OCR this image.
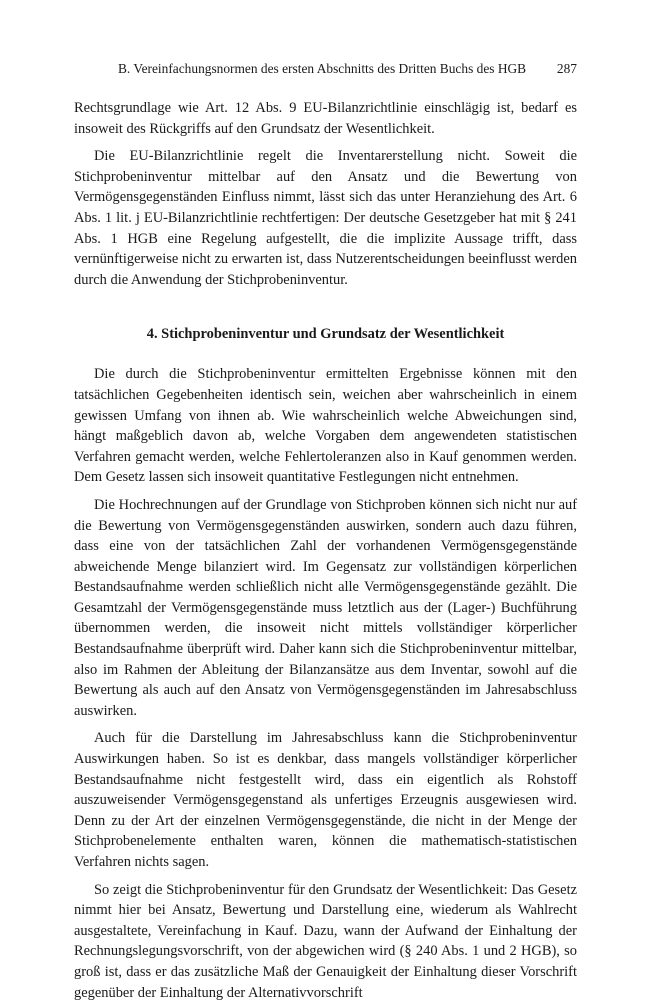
B. Vereinfachungsnormen des ersten Abschnitts des Dritten Buchs des HGB 287

Rechtsgrundlage wie Art. 12 Abs. 9 EU-Bilanzrichtlinie einschlägig ist, bedarf es insoweit des Rückgriffs auf den Grundsatz der Wesentlichkeit.

Die EU-Bilanzrichtlinie regelt die Inventarerstellung nicht. Soweit die Stichprobeninventur mittelbar auf den Ansatz und die Bewertung von Vermögensgegenständen Einfluss nimmt, lässt sich das unter Heranziehung des Art. 6 Abs. 1 lit. j EU-Bilanzrichtlinie rechtfertigen: Der deutsche Gesetzgeber hat mit § 241 Abs. 1 HGB eine Regelung aufgestellt, die die implizite Aussage trifft, dass vernünftigerweise nicht zu erwarten ist, dass Nutzerentscheidungen beeinflusst werden durch die Anwendung der Stichprobeninventur.

4. Stichprobeninventur und Grundsatz der Wesentlichkeit

Die durch die Stichprobeninventur ermittelten Ergebnisse können mit den tatsächlichen Gegebenheiten identisch sein, weichen aber wahrscheinlich in einem gewissen Umfang von ihnen ab. Wie wahrscheinlich welche Abweichungen sind, hängt maßgeblich davon ab, welche Vorgaben dem angewendeten statistischen Verfahren gemacht werden, welche Fehlertoleranzen also in Kauf genommen werden. Dem Gesetz lassen sich insoweit quantitative Festlegungen nicht entnehmen.

Die Hochrechnungen auf der Grundlage von Stichproben können sich nicht nur auf die Bewertung von Vermögensgegenständen auswirken, sondern auch dazu führen, dass eine von der tatsächlichen Zahl der vorhandenen Vermögensgegenstände abweichende Menge bilanziert wird. Im Gegensatz zur vollständigen körperlichen Bestandsaufnahme werden schließlich nicht alle Vermögensgegenstände gezählt. Die Gesamtzahl der Vermögensgegenstände muss letztlich aus der (Lager-) Buchführung übernommen werden, die insoweit nicht mittels vollständiger körperlicher Bestandsaufnahme überprüft wird. Daher kann sich die Stichprobeninventur mittelbar, also im Rahmen der Ableitung der Bilanzansätze aus dem Inventar, sowohl auf die Bewertung als auch auf den Ansatz von Vermögensgegenständen im Jahresabschluss auswirken.

Auch für die Darstellung im Jahresabschluss kann die Stichprobeninventur Auswirkungen haben. So ist es denkbar, dass mangels vollständiger körperlicher Bestandsaufnahme nicht festgestellt wird, dass ein eigentlich als Rohstoff auszuweisender Vermögensgegenstand als unfertiges Erzeugnis ausgewiesen wird. Denn zu der Art der einzelnen Vermögensgegenstände, die nicht in der Menge der Stichprobenelemente enthalten waren, können die mathematisch-statistischen Verfahren nichts sagen.

So zeigt die Stichprobeninventur für den Grundsatz der Wesentlichkeit: Das Gesetz nimmt hier bei Ansatz, Bewertung und Darstellung eine, wiederum als Wahlrecht ausgestaltete, Vereinfachung in Kauf. Dazu, wann der Aufwand der Einhaltung der Rechnungslegungsvorschrift, von der abgewichen wird (§ 240 Abs. 1 und 2 HGB), so groß ist, dass er das zusätzliche Maß der Genauigkeit der Einhaltung dieser Vorschrift gegenüber der Einhaltung der Alternativvorschrift
